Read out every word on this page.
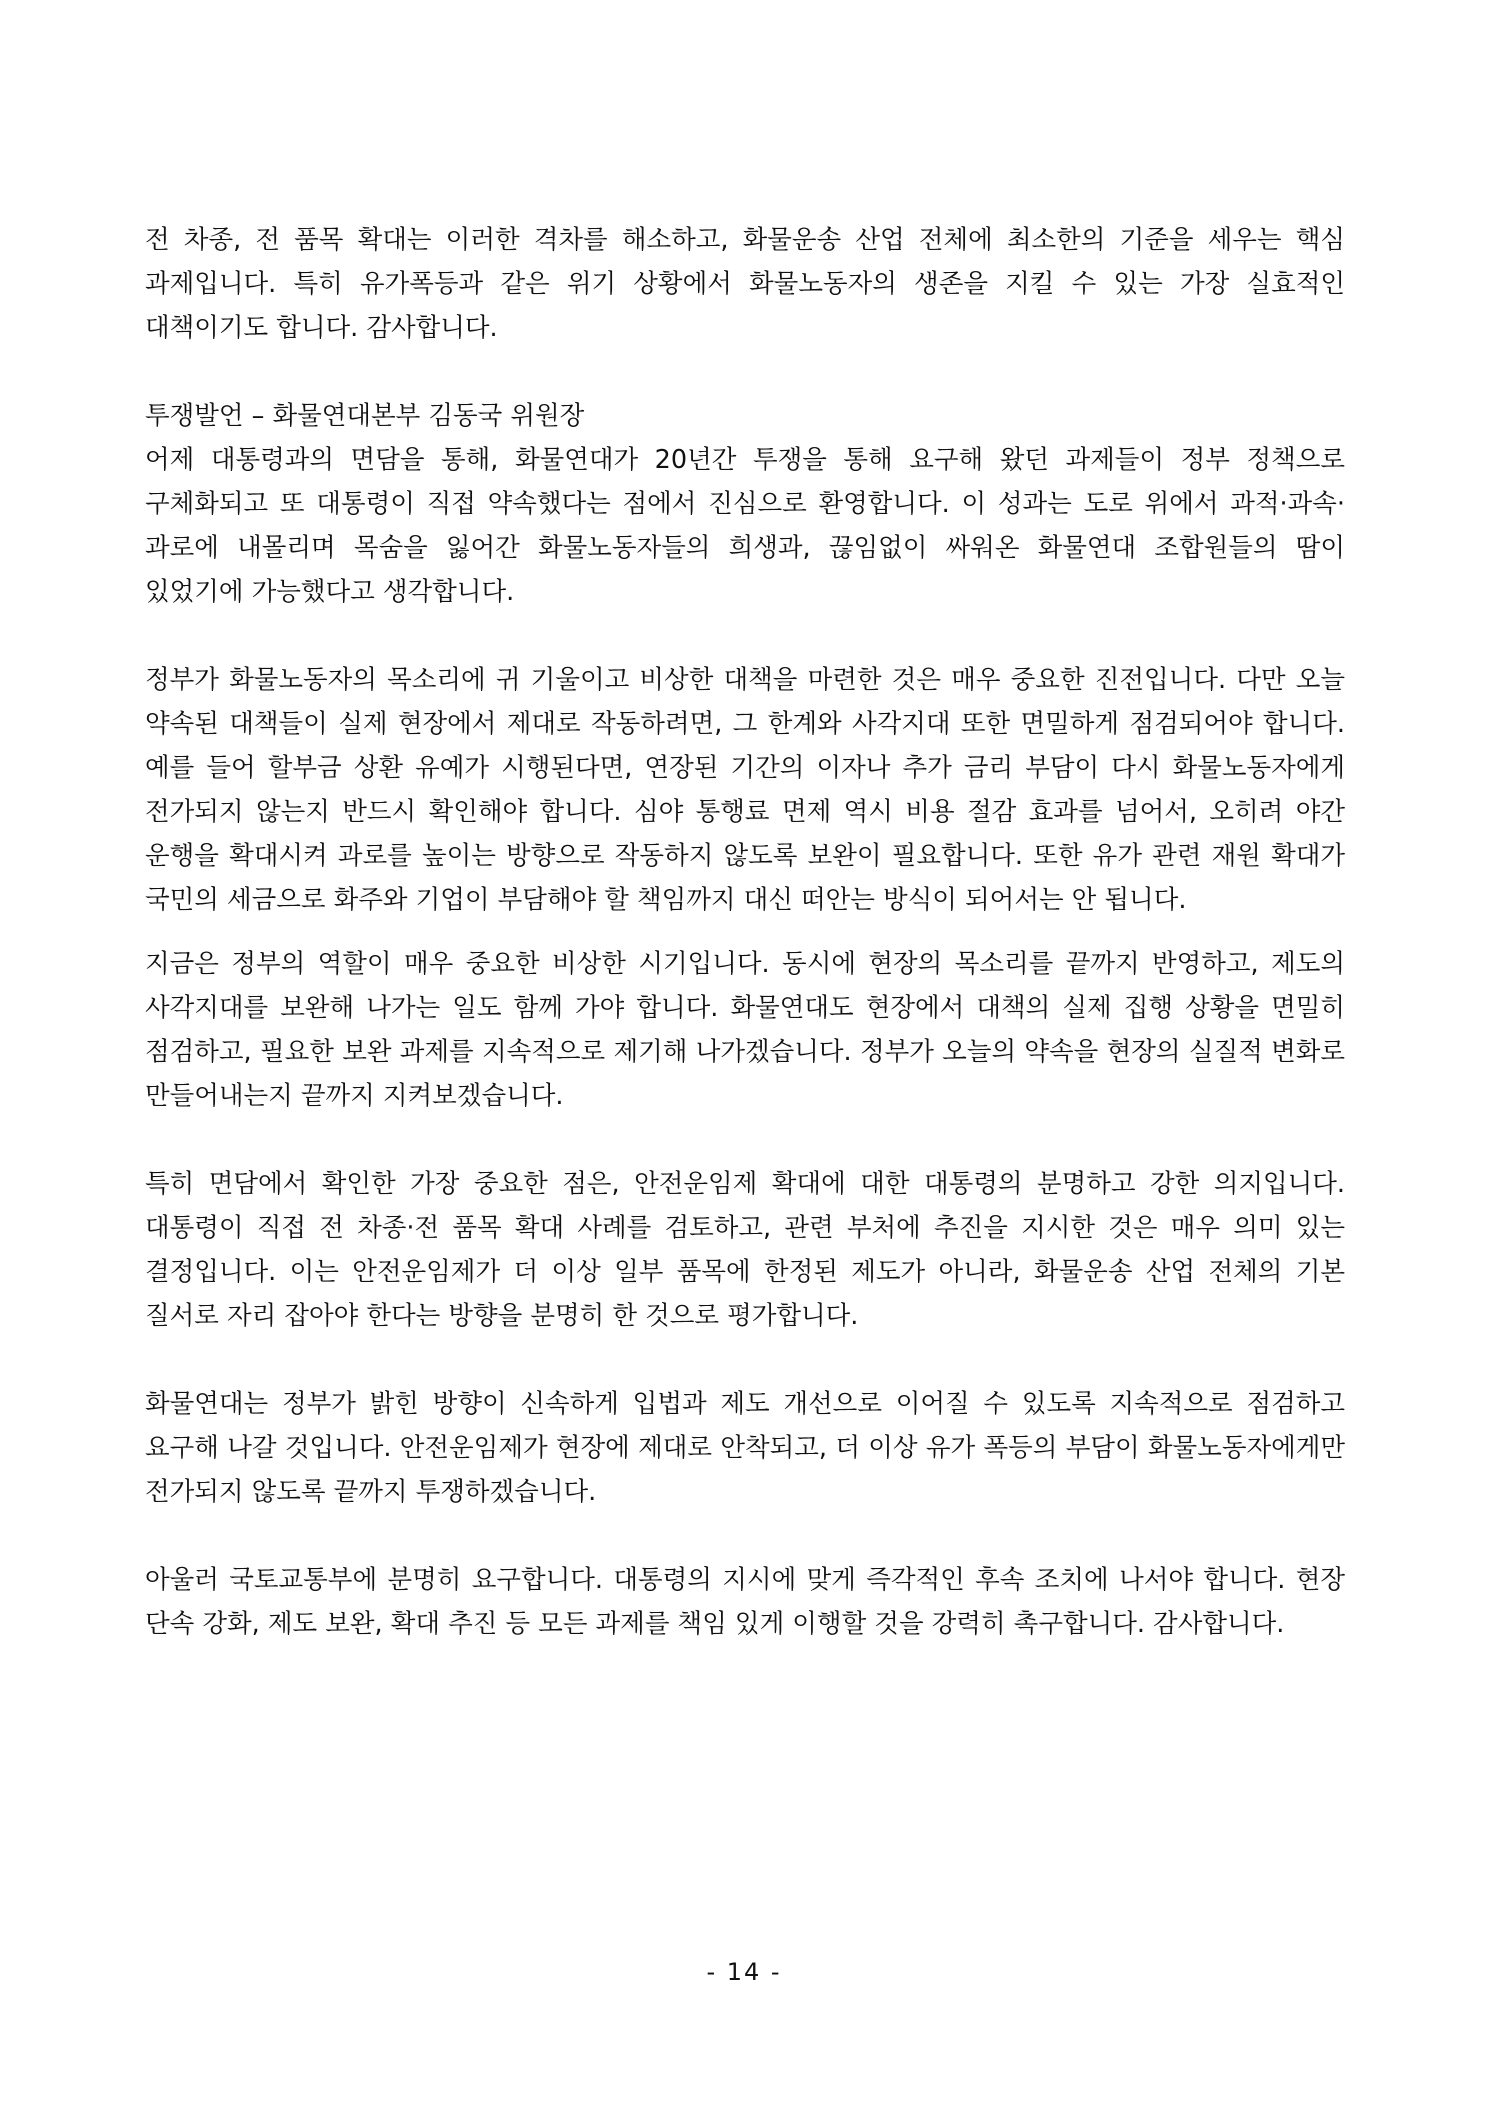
전 차종, 전 품목 확대는 이러한 격차를 해소하고, 화물운송 산업 전체에 최소한의 기준을 세우는 핵심 과제입니다. 특히 유가폭등과 같은 위기 상황에서 화물노동자의 생존을 지킬 수 있는 가장 실효적인 대책이기도 합니다. 감사합니다.

투쟁발언 – 화물연대본부 김동국 위원장

어제 대통령과의 면담을 통해, 화물연대가 20년간 투쟁을 통해 요구해 왔던 과제들이 정부 정책으로 구체화되고 또 대통령이 직접 약속했다는 점에서 진심으로 환영합니다. 이 성과는 도로 위에서 과적·과속·과로에 내몰리며 목숨을 잃어간 화물노동자들의 희생과, 끊임없이 싸워온 화물연대 조합원들의 땀이 있었기에 가능했다고 생각합니다.

정부가 화물노동자의 목소리에 귀 기울이고 비상한 대책을 마련한 것은 매우 중요한 진전입니다. 다만 오늘 약속된 대책들이 실제 현장에서 제대로 작동하려면, 그 한계와 사각지대 또한 면밀하게 점검되어야 합니다. 예를 들어 할부금 상환 유예가 시행된다면, 연장된 기간의 이자나 추가 금리 부담이 다시 화물노동자에게 전가되지 않는지 반드시 확인해야 합니다. 심야 통행료 면제 역시 비용 절감 효과를 넘어서, 오히려 야간 운행을 확대시켜 과로를 높이는 방향으로 작동하지 않도록 보완이 필요합니다. 또한 유가 관련 재원 확대가 국민의 세금으로 화주와 기업이 부담해야 할 책임까지 대신 떠안는 방식이 되어서는 안 됩니다.

지금은 정부의 역할이 매우 중요한 비상한 시기입니다. 동시에 현장의 목소리를 끝까지 반영하고, 제도의 사각지대를 보완해 나가는 일도 함께 가야 합니다. 화물연대도 현장에서 대책의 실제 집행 상황을 면밀히 점검하고, 필요한 보완 과제를 지속적으로 제기해 나가겠습니다. 정부가 오늘의 약속을 현장의 실질적 변화로 만들어내는지 끝까지 지켜보겠습니다.

특히 면담에서 확인한 가장 중요한 점은, 안전운임제 확대에 대한 대통령의 분명하고 강한 의지입니다. 대통령이 직접 전 차종·전 품목 확대 사례를 검토하고, 관련 부처에 추진을 지시한 것은 매우 의미 있는 결정입니다. 이는 안전운임제가 더 이상 일부 품목에 한정된 제도가 아니라, 화물운송 산업 전체의 기본 질서로 자리 잡아야 한다는 방향을 분명히 한 것으로 평가합니다.

화물연대는 정부가 밝힌 방향이 신속하게 입법과 제도 개선으로 이어질 수 있도록 지속적으로 점검하고 요구해 나갈 것입니다. 안전운임제가 현장에 제대로 안착되고, 더 이상 유가 폭등의 부담이 화물노동자에게만 전가되지 않도록 끝까지 투쟁하겠습니다.

아울러 국토교통부에 분명히 요구합니다. 대통령의 지시에 맞게 즉각적인 후속 조치에 나서야 합니다. 현장 단속 강화, 제도 보완, 확대 추진 등 모든 과제를 책임 있게 이행할 것을 강력히 촉구합니다. 감사합니다.

- 14 -
